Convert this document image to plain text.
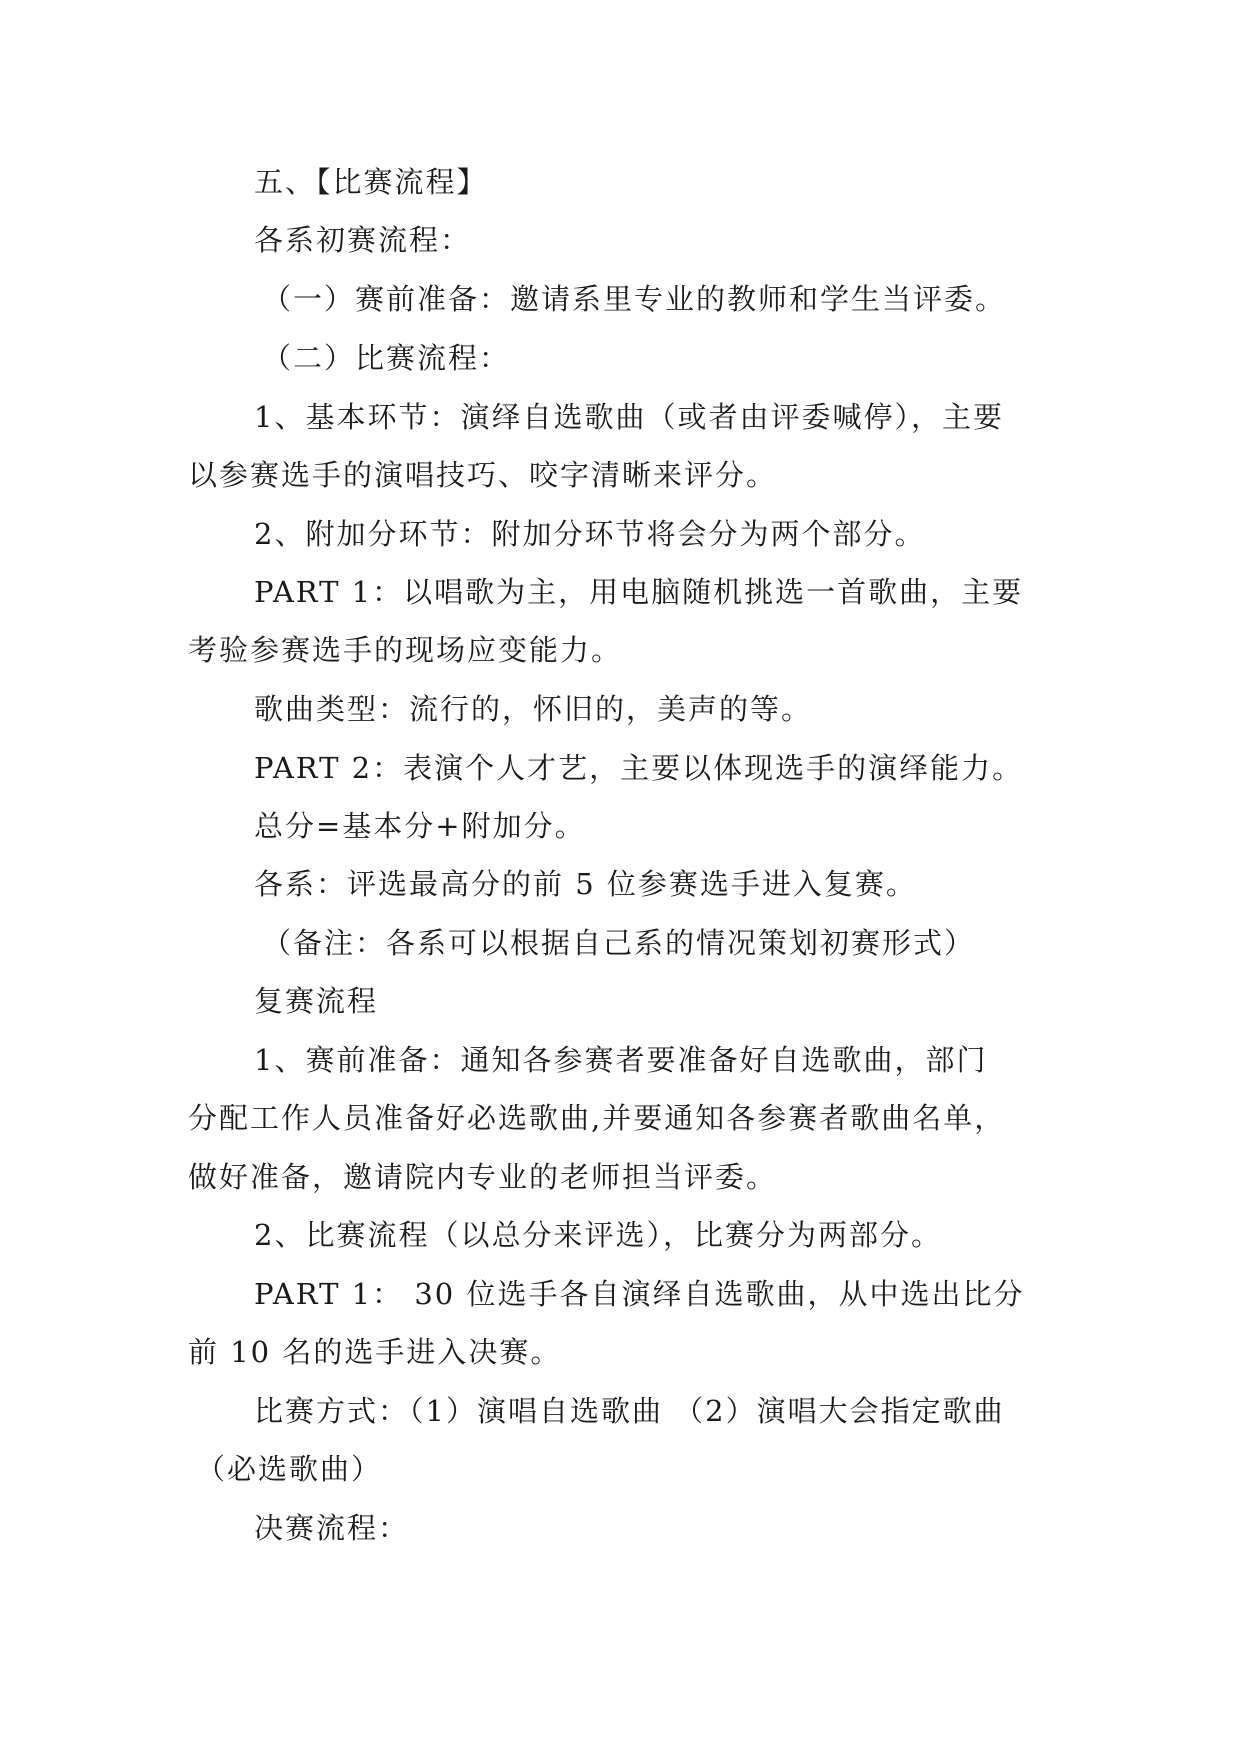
五、【比赛流程】
各系初赛流程：
（一）赛前准备：邀请系里专业的教师和学生当评委。
（二）比赛流程：
1、基本环节：演绎自选歌曲（或者由评委喊停），主要
以参赛选手的演唱技巧、咬字清晰来评分。
2、附加分环节：附加分环节将会分为两个部分。
PART 1：以唱歌为主，用电脑随机挑选一首歌曲，主要
考验参赛选手的现场应变能力。
歌曲类型：流行的，怀旧的，美声的等。
PART 2：表演个人才艺，主要以体现选手的演绎能力。
总分=基本分+附加分。
各系：评选最高分的前 5 位参赛选手进入复赛。
（备注：各系可以根据自己系的情况策划初赛形式）
复赛流程
1、赛前准备：通知各参赛者要准备好自选歌曲，部门
分配工作人员准备好必选歌曲,并要通知各参赛者歌曲名单，
做好准备，邀请院内专业的老师担当评委。
2、比赛流程（以总分来评选），比赛分为两部分。
PART 1： 30 位选手各自演绎自选歌曲，从中选出比分
前 10 名的选手进入决赛。
比赛方式：（1）演唱自选歌曲 （2）演唱大会指定歌曲
（必选歌曲）
决赛流程：
